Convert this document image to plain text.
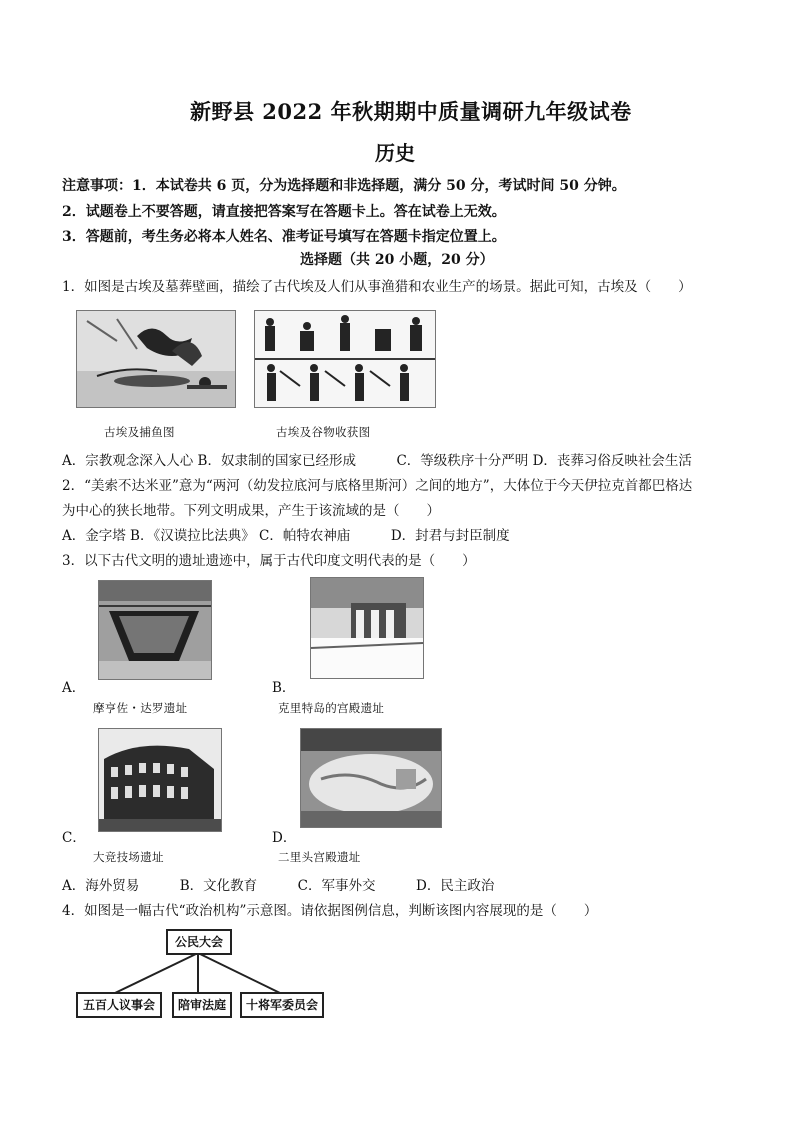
新野县 2022 年秋期期中质量调研九年级试卷
历史
注意事项：1．本试卷共 6 页，分为选择题和非选择题，满分 50 分，考试时间 50 分钟。
2．试题卷上不要答题，请直接把答案写在答题卡上。答在试卷上无效。
3．答题前，考生务必将本人姓名、准考证号填写在答题卡指定位置上。
选择题（共 20 小题，20 分）
1．如图是古埃及墓葬壁画，描绘了古代埃及人们从事渔猎和农业生产的场景。据此可知，古埃及（　　）
古埃及捕鱼图	古埃及谷物收获图
A．宗教观念深入人心 B．奴隶制的国家已经形成　　　C．等级秩序十分严明 D．丧葬习俗反映社会生活
2．“美索不达米亚”意为“两河（幼发拉底河与底格里斯河）之间的地方”，大体位于今天伊拉克首都巴格达
为中心的狭长地带。下列文明成果，产生于该流域的是（　　）
A．金字塔 B．《汉谟拉比法典》 C．帕特农神庙　　　D．封君与封臣制度
3．以下古代文明的遗址遗迹中，属于古代印度文明代表的是（　　）
A．	B．
摩亨佐・达罗遗址	克里特岛的宫殿遗址
C．	D．
大竞技场遗址	二里头宫殿遗址
A．海外贸易　　　B．文化教育　　　C．军事外交　　　D．民主政治
4．如图是一幅古代“政治机构”示意图。请依据图例信息，判断该图内容展现的是（　　）
公民大会
五百人议事会	陪审法庭	十将军委员会
